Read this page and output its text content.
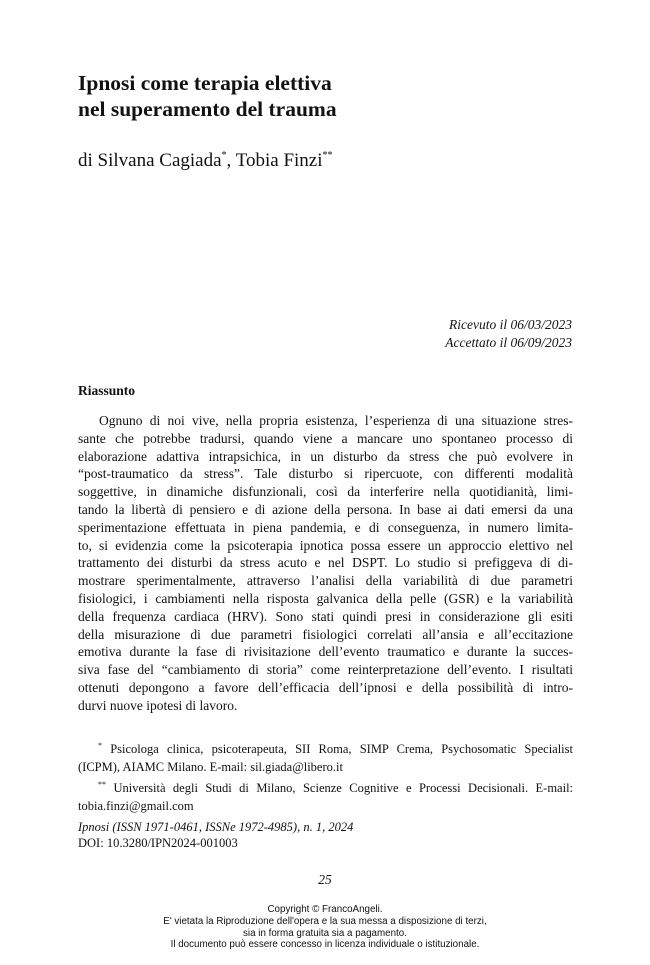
Ipnosi come terapia elettiva
nel superamento del trauma
di Silvana Cagiada*, Tobia Finzi**
Ricevuto il 06/03/2023
Accettato il 06/09/2023
Riassunto
Ognuno di noi vive, nella propria esistenza, l’esperienza di una situazione stres-
sante che potrebbe tradursi, quando viene a mancare uno spontaneo processo di
elaborazione adattiva intrapsichica, in un disturbo da stress che può evolvere in
“post-traumatico da stress”. Tale disturbo si ripercuote, con differenti modalità
soggettive, in dinamiche disfunzionali, così da interferire nella quotidianità, limi-
tando la libertà di pensiero e di azione della persona. In base ai dati emersi da una
sperimentazione effettuata in piena pandemia, e di conseguenza, in numero limita-
to, si evidenzia come la psicoterapia ipnotica possa essere un approccio elettivo nel
trattamento dei disturbi da stress acuto e nel DSPT. Lo studio si prefiggeva di di-
mostrare sperimentalmente, attraverso l’analisi della variabilità di due parametri
fisiologici, i cambiamenti nella risposta galvanica della pelle (GSR) e la variabilità
della frequenza cardiaca (HRV). Sono stati quindi presi in considerazione gli esiti
della misurazione di due parametri fisiologici correlati all’ansia e all’eccitazione
emotiva durante la fase di rivisitazione dell’evento traumatico e durante la succes-
siva fase del “cambiamento di storia” come reinterpretazione dell’evento. I risultati
ottenuti depongono a favore dell’efficacia dell’ipnosi e della possibilità di intro-
durvi nuove ipotesi di lavoro.
* Psicologa clinica, psicoterapeuta, SII Roma, SIMP Crema, Psychosomatic Specialist
(ICPM), AIAMC Milano. E-mail: sil.giada@libero.it
** Università degli Studi di Milano, Scienze Cognitive e Processi Decisionali. E-mail:
tobia.finzi@gmail.com
Ipnosi (ISSN 1971-0461, ISSNe 1972-4985), n. 1, 2024
DOI: 10.3280/IPN2024-001003
25
Copyright © FrancoAngeli.
E' vietata la Riproduzione dell'opera e la sua messa a disposizione di terzi,
sia in forma gratuita sia a pagamento.
Il documento può essere concesso in licenza individuale o istituzionale.
